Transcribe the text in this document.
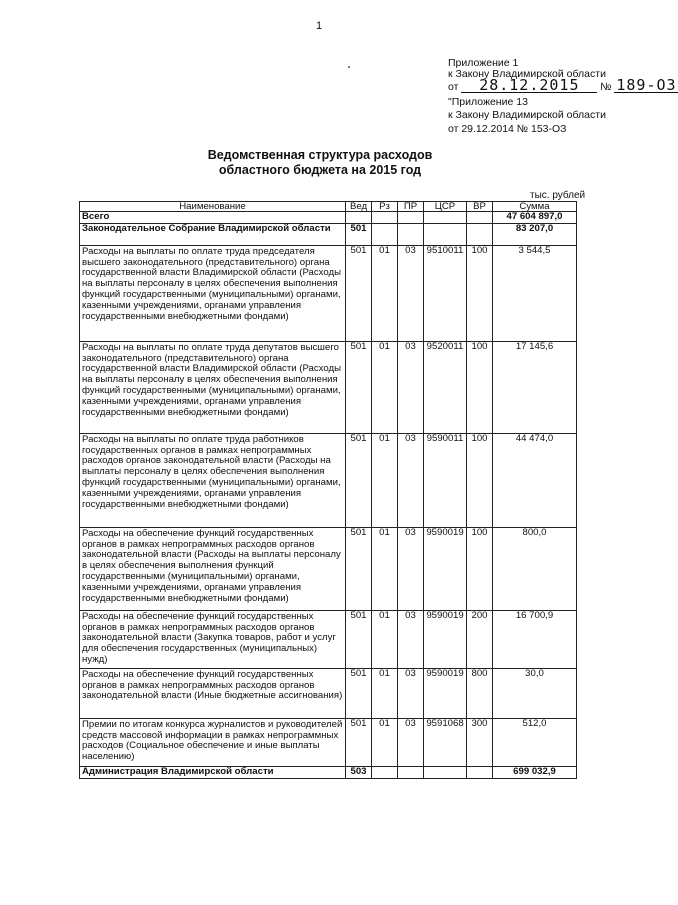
1
Приложение 1
к Закону Владимирской области
от 28.12.2015 № 189-ОЗ
"Приложение 13
к Закону Владимирской области
от 29.12.2014 № 153-ОЗ
Ведомственная структура расходов
областного бюджета на 2015 год
тыс. рублей
Наименование	Вед	Рз	ПР	ЦСР	ВР	Сумма
Всего						47 604 897,0
Законодательное Собрание Владимирской области	501					83 207,0
Расходы на выплаты по оплате труда председателя высшего законодательного (представительного) органа государственной власти Владимирской области (Расходы на выплаты персоналу в целях обеспечения выполнения функций государственными (муниципальными) органами, казенными учреждениями, органами управления государственными внебюджетными фондами)	501	01	03	9510011	100	3 544,5
Расходы на выплаты по оплате труда депутатов высшего законодательного (представительного) органа государственной власти Владимирской области (Расходы на выплаты персоналу в целях обеспечения выполнения функций государственными (муниципальными) органами, казенными учреждениями, органами управления государственными внебюджетными фондами)	501	01	03	9520011	100	17 145,6
Расходы на выплаты по оплате труда работников государственных органов в рамках непрограммных расходов органов законодательной власти (Расходы на выплаты персоналу в целях обеспечения выполнения функций государственными (муниципальными) органами, казенными учреждениями, органами управления государственными внебюджетными фондами)	501	01	03	9590011	100	44 474,0
Расходы на обеспечение функций государственных органов в рамках непрограммных расходов органов законодательной власти (Расходы на выплаты персоналу в целях обеспечения выполнения функций государственными (муниципальными) органами, казенными учреждениями, органами управления государственными внебюджетными фондами)	501	01	03	9590019	100	800,0
Расходы на обеспечение функций государственных органов в рамках непрограммных расходов органов законодательной власти (Закупка товаров, работ и услуг для обеспечения государственных (муниципальных) нужд)	501	01	03	9590019	200	16 700,9
Расходы на обеспечение функций государственных органов в рамках непрограммных расходов органов законодательной власти (Иные бюджетные ассигнования)	501	01	03	9590019	800	30,0
Премии по итогам конкурса журналистов и руководителей средств массовой информации в рамках непрограммных расходов (Социальное обеспечение и иные выплаты населению)	501	01	03	9591068	300	512,0
Администрация Владимирской области	503					699 032,9
